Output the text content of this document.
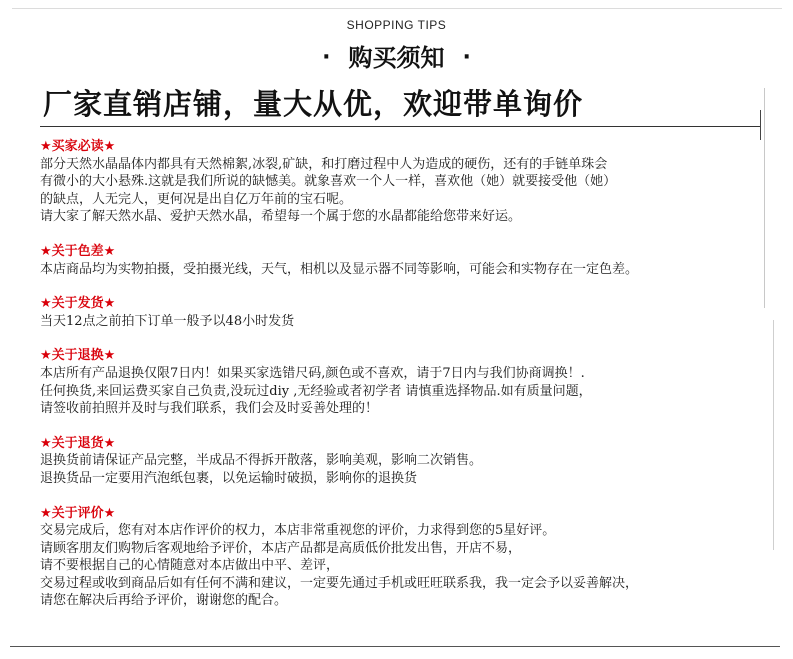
SHOPPING TIPS
· 购买须知 ·
厂家直销店铺，量大从优，欢迎带单询价
★买家必读★
部分天然水晶晶体内都具有天然棉絮,冰裂,矿缺，和打磨过程中人为造成的硬伤，还有的手链单珠会
有微小的大小悬殊.这就是我们所说的缺憾美。就象喜欢一个人一样，喜欢他（她）就要接受他（她）
的缺点，人无完人，更何况是出自亿万年前的宝石呢。
请大家了解天然水晶、爱护天然水晶，希望每一个属于您的水晶都能给您带来好运。
★关于色差★
本店商品均为实物拍摄，受拍摄光线，天气，相机以及显示器不同等影响，可能会和实物存在一定色差。
★关于发货★
当天12点之前拍下订单一般予以48小时发货
★关于退换★
本店所有产品退换仅限7日内！如果买家选错尺码,颜色或不喜欢，请于7日内与我们协商调换！.
任何换货,来回运费买家自己负责,没玩过diy ,无经验或者初学者 请慎重选择物品.如有质量问题，
请签收前拍照并及时与我们联系，我们会及时妥善处理的！
★关于退货★
退换货前请保证产品完整，半成品不得拆开散落，影响美观，影响二次销售。
退换货品一定要用汽泡纸包裹，以免运输时破损，影响你的退换货
★关于评价★
交易完成后，您有对本店作评价的权力，本店非常重视您的评价，力求得到您的5星好评。
请顾客朋友们购物后客观地给予评价，本店产品都是高质低价批发出售，开店不易，
请不要根据自己的心情随意对本店做出中平、差评，
交易过程或收到商品后如有任何不满和建议，一定要先通过手机或旺旺联系我，我一定会予以妥善解决，
请您在解决后再给予评价，谢谢您的配合。
